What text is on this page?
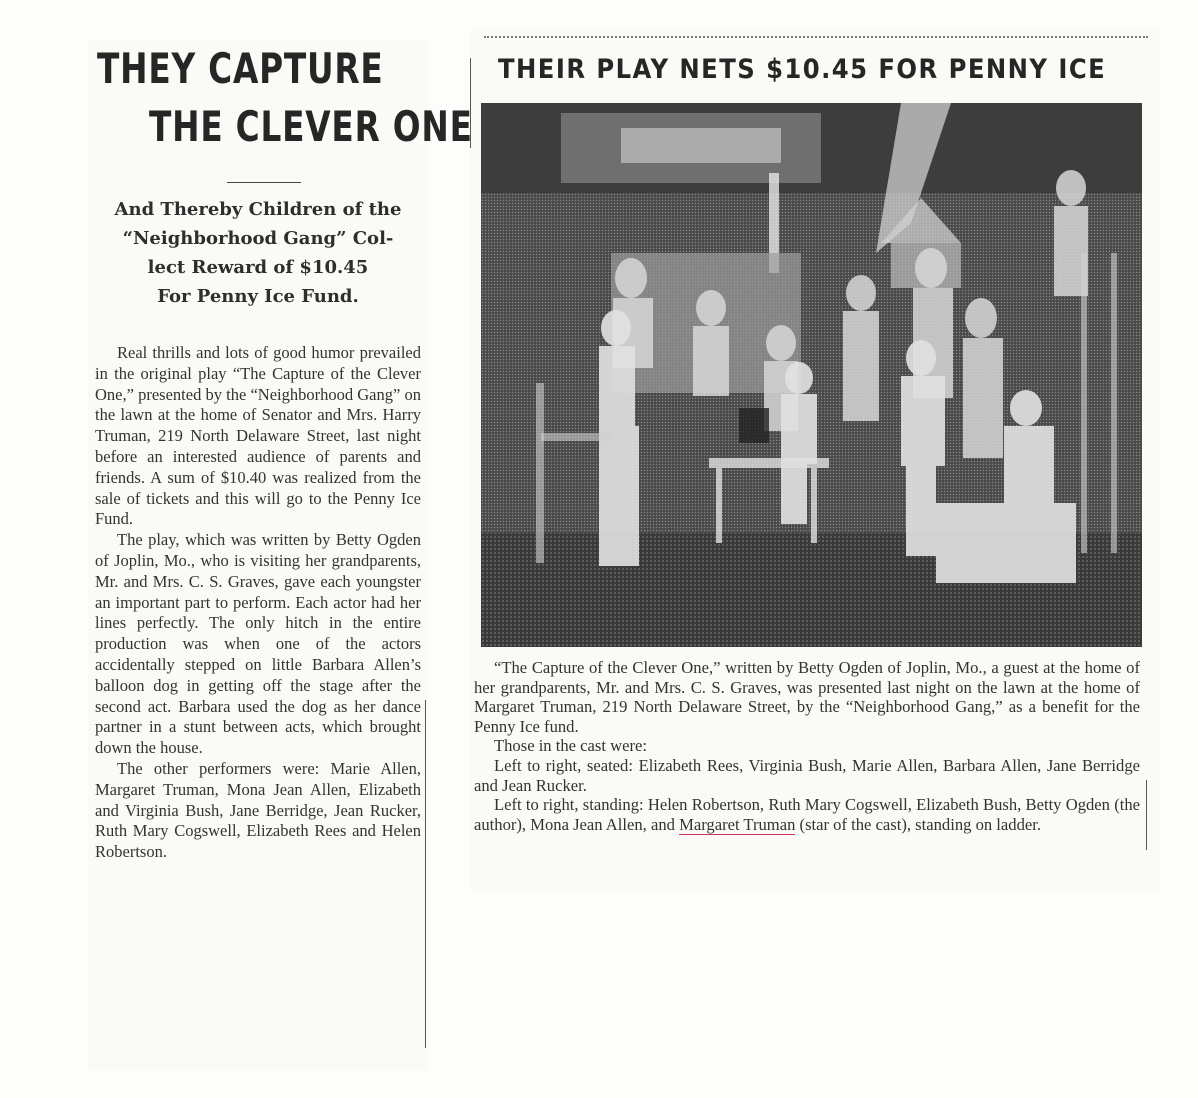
THEY CAPTURE
THE CLEVER ONE
And Thereby Children of the
“Neighborhood Gang” Col-
lect Reward of $10.45
For Penny Ice Fund.

Real thrills and lots of good humor prevailed in the original play “The Capture of the Clever One,” presented by the “Neighborhood Gang” on the lawn at the home of Senator and Mrs. Harry Truman, 219 North Delaware Street, last night before an interested audience of parents and friends. A sum of $10.40 was realized from the sale of tickets and this will go to the Penny Ice Fund.

The play, which was written by Betty Ogden of Joplin, Mo., who is visiting her grandparents, Mr. and Mrs. C. S. Graves, gave each youngster an important part to perform. Each actor had her lines perfectly. The only hitch in the entire production was when one of the actors accidentally stepped on little Barbara Allen’s balloon dog in getting off the stage after the second act. Barbara used the dog as her dance partner in a stunt between acts, which brought down the house.

The other performers were: Marie Allen, Margaret Truman, Mona Jean Allen, Elizabeth and Virginia Bush, Jane Berridge, Jean Rucker, Ruth Mary Cogswell, Elizabeth Rees and Helen Robertson.

THEIR PLAY NETS $10.45 FOR PENNY ICE

“The Capture of the Clever One,” written by Betty Ogden of Joplin, Mo., a guest at the home of her grandparents, Mr. and Mrs. C. S. Graves, was presented last night on the lawn at the home of Margaret Truman, 219 North Delaware Street, by the “Neighborhood Gang,” as a benefit for the Penny Ice fund.

Those in the cast were:

Left to right, seated: Elizabeth Rees, Virginia Bush, Marie Allen, Barbara Allen, Jane Berridge and Jean Rucker.

Left to right, standing: Helen Robertson, Ruth Mary Cogswell, Elizabeth Bush, Betty Ogden (the author), Mona Jean Allen, and Margaret Truman (star of the cast), standing on ladder.
